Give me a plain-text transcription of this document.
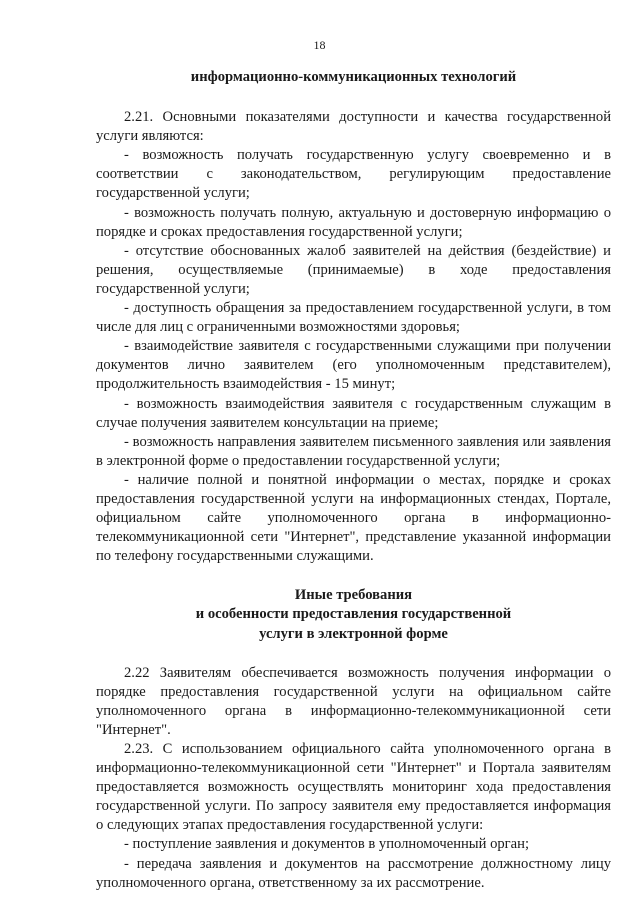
18

информационно-коммуникационных технологий

2.21. Основными показателями доступности и качества государственной услуги являются:

- возможность получать государственную услугу своевременно и в соответствии с законодательством, регулирующим предоставление государственной услуги;

- возможность получать полную, актуальную и достоверную информацию о порядке и сроках предоставления государственной услуги;

- отсутствие обоснованных жалоб заявителей на действия (бездействие) и решения, осуществляемые (принимаемые) в ходе предоставления государственной услуги;

- доступность обращения за предоставлением государственной услуги, в том числе для лиц с ограниченными возможностями здоровья;

- взаимодействие заявителя с государственными служащими при получении документов лично заявителем (его уполномоченным представителем), продолжительность взаимодействия - 15 минут;

- возможность взаимодействия заявителя с государственным служащим в случае получения заявителем консультации на приеме;

- возможность направления заявителем письменного заявления или заявления в электронной форме о предоставлении государственной услуги;

- наличие полной и понятной информации о местах, порядке и сроках предоставления государственной услуги на информационных стендах, Портале, официальном сайте уполномоченного органа в информационно-телекоммуникационной сети "Интернет", представление указанной информации по телефону государственными служащими.

Иные требования
и особенности предоставления государственной
услуги в электронной форме

2.22 Заявителям обеспечивается возможность получения информации о порядке предоставления государственной услуги на официальном сайте уполномоченного органа в информационно-телекоммуникационной сети "Интернет".

2.23. С использованием официального сайта уполномоченного органа в информационно-телекоммуникационной сети "Интернет" и Портала заявителям предоставляется возможность осуществлять мониторинг хода предоставления государственной услуги. По запросу заявителя ему предоставляется информация о следующих этапах предоставления государственной услуги:

- поступление заявления и документов в уполномоченный орган;

- передача заявления и документов на рассмотрение должностному лицу уполномоченного органа, ответственному за их рассмотрение.
